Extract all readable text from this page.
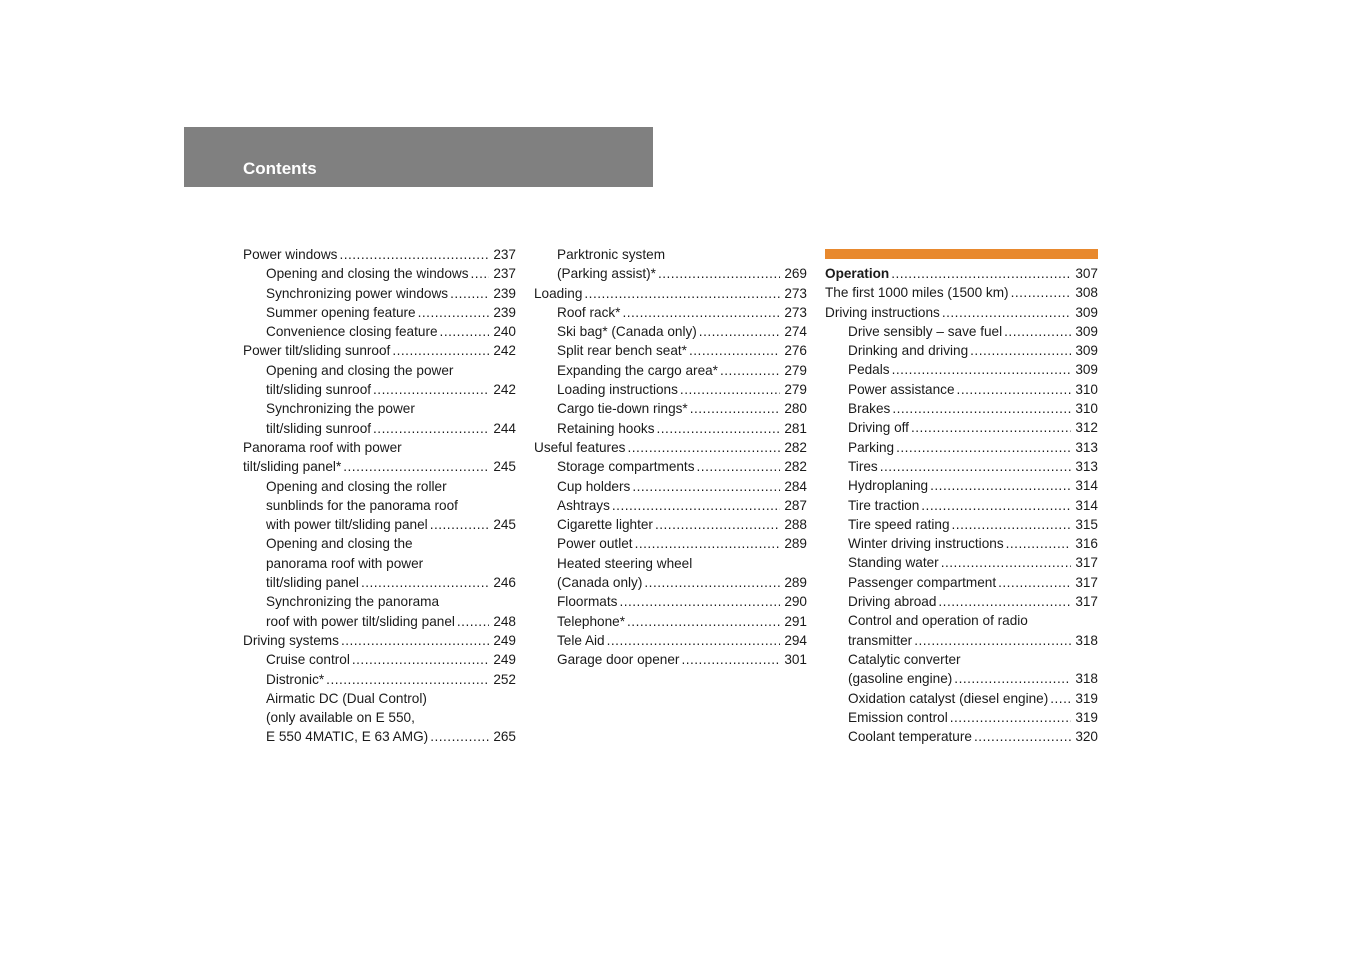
Contents
Power windows .....	237
Opening and closing the windows ..... 237
Synchronizing power windows .....	239
Summer opening feature .....	239
Convenience closing feature .....	240
Power tilt/sliding sunroof .....	242
Opening and closing the power
tilt/sliding sunroof .....	242
Synchronizing the power
tilt/sliding sunroof .....	244
Panorama roof with power
tilt/sliding panel* .....	245
Opening and closing the roller
sunblinds for the panorama roof
with power tilt/sliding panel .....	245
Opening and closing the
panorama roof with power
tilt/sliding panel .....	246
Synchronizing the panorama
roof with power tilt/sliding panel .....	248
Driving systems .....	249
Cruise control .....	249
Distronic* .....	252
Airmatic DC (Dual Control)
(only available on E 550,
E 550 4MATIC, E 63 AMG) .....	265
Parktronic system
(Parking assist)* .....	269
Loading .....	273
Roof rack* .....	273
Ski bag* (Canada only) .....	274
Split rear bench seat* .....	276
Expanding the cargo area* .....	279
Loading instructions .....	279
Cargo tie-down rings* .....	280
Retaining hooks .....	281
Useful features .....	282
Storage compartments .....	282
Cup holders .....	284
Ashtrays .....	287
Cigarette lighter .....	288
Power outlet .....	289
Heated steering wheel
(Canada only) .....	289
Floormats .....	290
Telephone* .....	291
Tele Aid .....	294
Garage door opener .....	301
Operation .....	307
The first 1000 miles (1500 km) .....	308
Driving instructions .....	309
Drive sensibly – save fuel .....	309
Drinking and driving .....	309
Pedals .....	309
Power assistance .....	310
Brakes .....	310
Driving off .....	312
Parking .....	313
Tires .....	313
Hydroplaning .....	314
Tire traction .....	314
Tire speed rating .....	315
Winter driving instructions .....	316
Standing water .....	317
Passenger compartment .....	317
Driving abroad .....	317
Control and operation of radio
transmitter .....	318
Catalytic converter
(gasoline engine) .....	318
Oxidation catalyst (diesel engine) ..... 319
Emission control .....	319
Coolant temperature .....	320
